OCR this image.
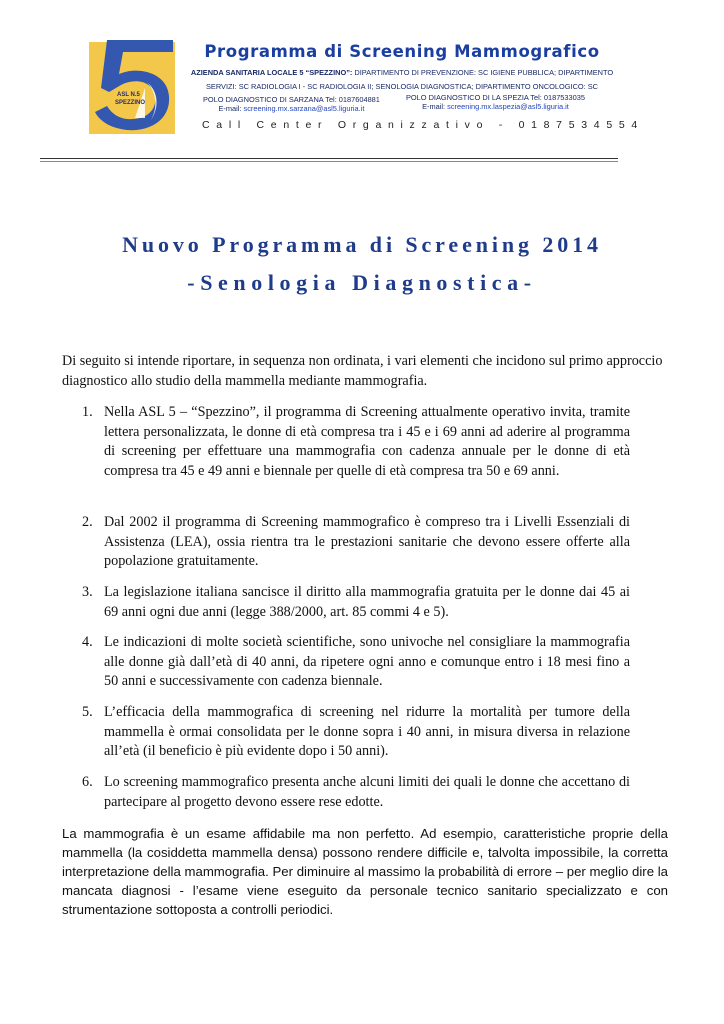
ASL N.5
SPEZZINO
Programma di Screening Mammografico
AZIENDA SANITARIA LOCALE 5 “SPEZZINO”: DIPARTIMENTO DI PREVENZIONE: SC IGIENE PUBBLICA; DIPARTIMENTO
SERVIZI: SC RADIOLOGIA I - SC RADIOLOGIA II; SENOLOGIA DIAGNOSTICA; DIPARTIMENTO ONCOLOGICO: SC
POLO DIAGNOSTICO DI SARZANA Tel: 0187604881
E-mail: screening.mx.sarzana@asl5.liguria.it
POLO DIAGNOSTICO DI LA SPEZIA Tel: 0187533035
E-mail: screening.mx.laspezia@asl5.liguria.it
Call Center Organizzativo - 0187534554
Nuovo Programma di Screening 2014
-Senologia Diagnostica-
Di seguito si intende riportare, in sequenza non ordinata, i vari elementi che incidono sul primo approccio diagnostico allo studio della mammella mediante mammografia.
1. Nella ASL 5 – “Spezzino”, il programma di Screening attualmente operativo invita, tramite lettera personalizzata, le donne di età compresa tra i 45 e i 69 anni ad aderire al programma di screening per effettuare una mammografia con cadenza annuale per le donne di età compresa tra 45 e 49 anni e biennale per quelle di età compresa tra 50 e 69 anni.
2. Dal 2002 il programma di Screening mammografico è compreso tra i Livelli Essenziali di Assistenza (LEA), ossia rientra tra le prestazioni sanitarie che devono essere offerte alla popolazione gratuitamente.
3. La legislazione italiana sancisce il diritto alla mammografia gratuita per le donne dai 45 ai 69 anni ogni due anni (legge 388/2000, art. 85 commi 4 e 5).
4. Le indicazioni di molte società scientifiche, sono univoche nel consigliare la mammografia alle donne già dall’età di 40 anni, da ripetere ogni anno e comunque entro i 18 mesi fino a 50 anni e successivamente con cadenza biennale.
5. L’efficacia della mammografica di screening nel ridurre la mortalità per tumore della mammella è ormai consolidata per le donne sopra i 40 anni, in misura diversa in relazione all’età (il beneficio è più evidente dopo i 50 anni).
6. Lo screening mammografico presenta anche alcuni limiti dei quali le donne che accettano di partecipare al progetto devono essere rese edotte.
La mammografia è un esame affidabile ma non perfetto. Ad esempio, caratteristiche proprie della mammella (la cosiddetta mammella densa) possono rendere difficile e, talvolta impossibile, la corretta interpretazione della mammografia. Per diminuire al massimo la probabilità di errore – per meglio dire la mancata diagnosi - l’esame viene eseguito da personale tecnico sanitario specializzato e con strumentazione sottoposta a controlli periodici.
